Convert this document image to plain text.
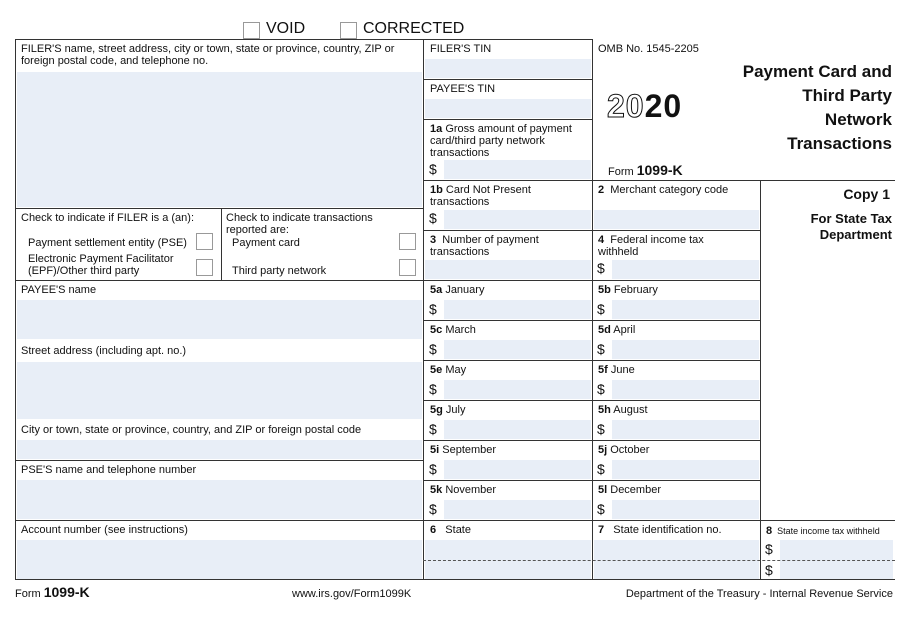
VOID	CORRECTED
FILER'S name, street address, city or town, state or province, country, ZIP or foreign postal code, and telephone no.
FILER'S TIN
PAYEE'S TIN
1a Gross amount of payment card/third party network transactions
$
OMB No. 1545-2205
2020
Form 1099-K
Payment Card and
Third Party
Network
Transactions
Copy 1
For State Tax
Department
Check to indicate if FILER is a (an):
Payment settlement entity (PSE)
Electronic Payment Facilitator (EPF)/Other third party
Check to indicate transactions reported are:
Payment card
Third party network
1b Card Not Present transactions
$
2 Merchant category code
3 Number of payment transactions
4 Federal income tax withheld
$
PAYEE'S name
Street address (including apt. no.)
City or town, state or province, country, and ZIP or foreign postal code
PSE'S name and telephone number
Account number (see instructions)
5a January
$
5b February
$
5c March
$
5d April
$
5e May
$
5f June
$
5g July
$
5h August
$
5i September
$
5j October
$
5k November
$
5l December
$
6 State	7 State identification no.	8 State income tax withheld
$
$
Form 1099-K	www.irs.gov/Form1099K	Department of the Treasury - Internal Revenue Service
